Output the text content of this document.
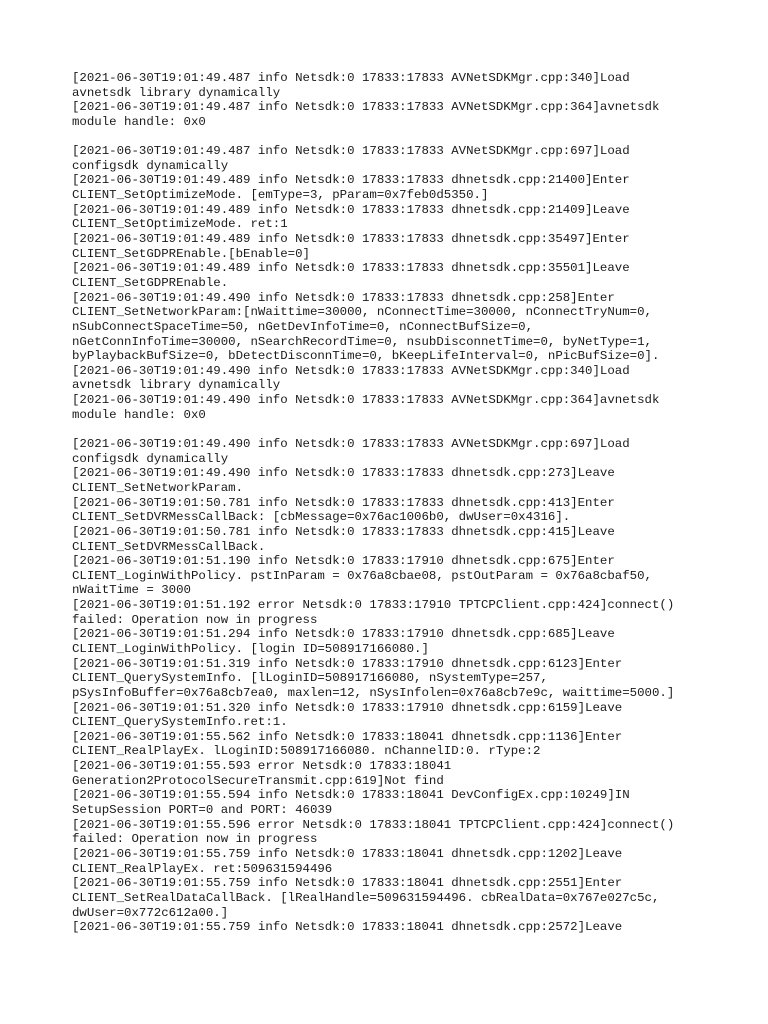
[2021-06-30T19:01:49.487 info Netsdk:0 17833:17833 AVNetSDKMgr.cpp:340]Load
avnetsdk library dynamically
[2021-06-30T19:01:49.487 info Netsdk:0 17833:17833 AVNetSDKMgr.cpp:364]avnetsdk
module handle: 0x0
[2021-06-30T19:01:49.487 info Netsdk:0 17833:17833 AVNetSDKMgr.cpp:697]Load
configsdk dynamically
[2021-06-30T19:01:49.489 info Netsdk:0 17833:17833 dhnetsdk.cpp:21400]Enter
CLIENT_SetOptimizeMode. [emType=3, pParam=0x7feb0d5350.]
[2021-06-30T19:01:49.489 info Netsdk:0 17833:17833 dhnetsdk.cpp:21409]Leave
CLIENT_SetOptimizeMode. ret:1
[2021-06-30T19:01:49.489 info Netsdk:0 17833:17833 dhnetsdk.cpp:35497]Enter
CLIENT_SetGDPREnable.[bEnable=0]
[2021-06-30T19:01:49.489 info Netsdk:0 17833:17833 dhnetsdk.cpp:35501]Leave
CLIENT_SetGDPREnable.
[2021-06-30T19:01:49.490 info Netsdk:0 17833:17833 dhnetsdk.cpp:258]Enter
CLIENT_SetNetworkParam:[nWaittime=30000, nConnectTime=30000, nConnectTryNum=0,
nSubConnectSpaceTime=50, nGetDevInfoTime=0, nConnectBufSize=0,
nGetConnInfoTime=30000, nSearchRecordTime=0, nsubDisconnetTime=0, byNetType=1,
byPlaybackBufSize=0, bDetectDisconnTime=0, bKeepLifeInterval=0, nPicBufSize=0].
[2021-06-30T19:01:49.490 info Netsdk:0 17833:17833 AVNetSDKMgr.cpp:340]Load
avnetsdk library dynamically
[2021-06-30T19:01:49.490 info Netsdk:0 17833:17833 AVNetSDKMgr.cpp:364]avnetsdk
module handle: 0x0
[2021-06-30T19:01:49.490 info Netsdk:0 17833:17833 AVNetSDKMgr.cpp:697]Load
configsdk dynamically
[2021-06-30T19:01:49.490 info Netsdk:0 17833:17833 dhnetsdk.cpp:273]Leave
CLIENT_SetNetworkParam.
[2021-06-30T19:01:50.781 info Netsdk:0 17833:17833 dhnetsdk.cpp:413]Enter
CLIENT_SetDVRMessCallBack: [cbMessage=0x76ac1006b0, dwUser=0x4316].
[2021-06-30T19:01:50.781 info Netsdk:0 17833:17833 dhnetsdk.cpp:415]Leave
CLIENT_SetDVRMessCallBack.
[2021-06-30T19:01:51.190 info Netsdk:0 17833:17910 dhnetsdk.cpp:675]Enter
CLIENT_LoginWithPolicy. pstInParam = 0x76a8cbae08, pstOutParam = 0x76a8cbaf50,
nWaitTime = 3000
[2021-06-30T19:01:51.192 error Netsdk:0 17833:17910 TPTCPClient.cpp:424]connect()
failed: Operation now in progress
[2021-06-30T19:01:51.294 info Netsdk:0 17833:17910 dhnetsdk.cpp:685]Leave
CLIENT_LoginWithPolicy. [login ID=508917166080.]
[2021-06-30T19:01:51.319 info Netsdk:0 17833:17910 dhnetsdk.cpp:6123]Enter
CLIENT_QuerySystemInfo. [lLoginID=508917166080, nSystemType=257,
pSysInfoBuffer=0x76a8cb7ea0, maxlen=12, nSysInfolen=0x76a8cb7e9c, waittime=5000.]
[2021-06-30T19:01:51.320 info Netsdk:0 17833:17910 dhnetsdk.cpp:6159]Leave
CLIENT_QuerySystemInfo.ret:1.
[2021-06-30T19:01:55.562 info Netsdk:0 17833:18041 dhnetsdk.cpp:1136]Enter
CLIENT_RealPlayEx. lLoginID:508917166080. nChannelID:0. rType:2
[2021-06-30T19:01:55.593 error Netsdk:0 17833:18041
Generation2ProtocolSecureTransmit.cpp:619]Not find
[2021-06-30T19:01:55.594 info Netsdk:0 17833:18041 DevConfigEx.cpp:10249]IN
SetupSession PORT=0 and PORT: 46039
[2021-06-30T19:01:55.596 error Netsdk:0 17833:18041 TPTCPClient.cpp:424]connect()
failed: Operation now in progress
[2021-06-30T19:01:55.759 info Netsdk:0 17833:18041 dhnetsdk.cpp:1202]Leave
CLIENT_RealPlayEx. ret:509631594496
[2021-06-30T19:01:55.759 info Netsdk:0 17833:18041 dhnetsdk.cpp:2551]Enter
CLIENT_SetRealDataCallBack. [lRealHandle=509631594496. cbRealData=0x767e027c5c,
dwUser=0x772c612a00.]
[2021-06-30T19:01:55.759 info Netsdk:0 17833:18041 dhnetsdk.cpp:2572]Leave
